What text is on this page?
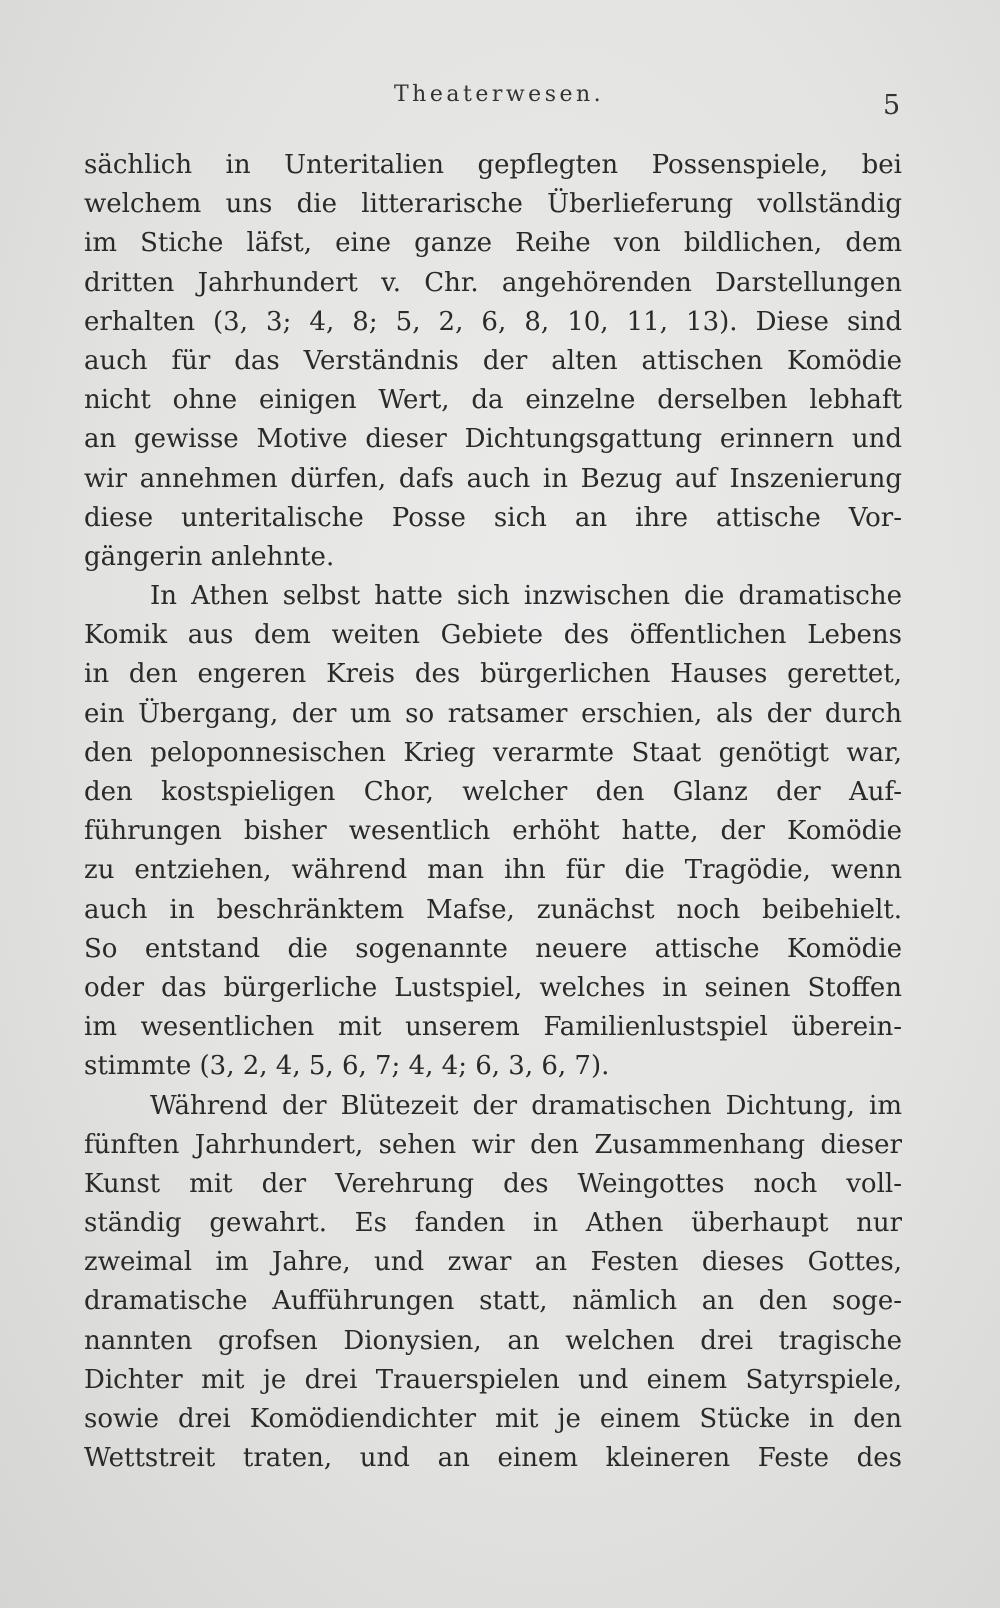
Theaterwesen.	5
sächlich in Unteritalien gepflegten Possenspiele, bei
welchem uns die litterarische Überlieferung vollständig
im Stiche läfst, eine ganze Reihe von bildlichen, dem
dritten Jahrhundert v. Chr. angehörenden Darstellungen
erhalten (3, 3; 4, 8; 5, 2, 6, 8, 10, 11, 13). Diese sind
auch für das Verständnis der alten attischen Komödie
nicht ohne einigen Wert, da einzelne derselben lebhaft
an gewisse Motive dieser Dichtungsgattung erinnern und
wir annehmen dürfen, dafs auch in Bezug auf Inszenierung
diese unteritalische Posse sich an ihre attische Vor-
gängerin anlehnte.
In Athen selbst hatte sich inzwischen die dramatische
Komik aus dem weiten Gebiete des öffentlichen Lebens
in den engeren Kreis des bürgerlichen Hauses gerettet,
ein Übergang, der um so ratsamer erschien, als der durch
den peloponnesischen Krieg verarmte Staat genötigt war,
den kostspieligen Chor, welcher den Glanz der Auf-
führungen bisher wesentlich erhöht hatte, der Komödie
zu entziehen, während man ihn für die Tragödie, wenn
auch in beschränktem Mafse, zunächst noch beibehielt.
So entstand die sogenannte neuere attische Komödie
oder das bürgerliche Lustspiel, welches in seinen Stoffen
im wesentlichen mit unserem Familienlustspiel überein-
stimmte (3, 2, 4, 5, 6, 7; 4, 4; 6, 3, 6, 7).
Während der Blütezeit der dramatischen Dichtung, im
fünften Jahrhundert, sehen wir den Zusammenhang dieser
Kunst mit der Verehrung des Weingottes noch voll-
ständig gewahrt. Es fanden in Athen überhaupt nur
zweimal im Jahre, und zwar an Festen dieses Gottes,
dramatische Aufführungen statt, nämlich an den soge-
nannten grofsen Dionysien, an welchen drei tragische
Dichter mit je drei Trauerspielen und einem Satyrspiele,
sowie drei Komödiendichter mit je einem Stücke in den
Wettstreit traten, und an einem kleineren Feste des
